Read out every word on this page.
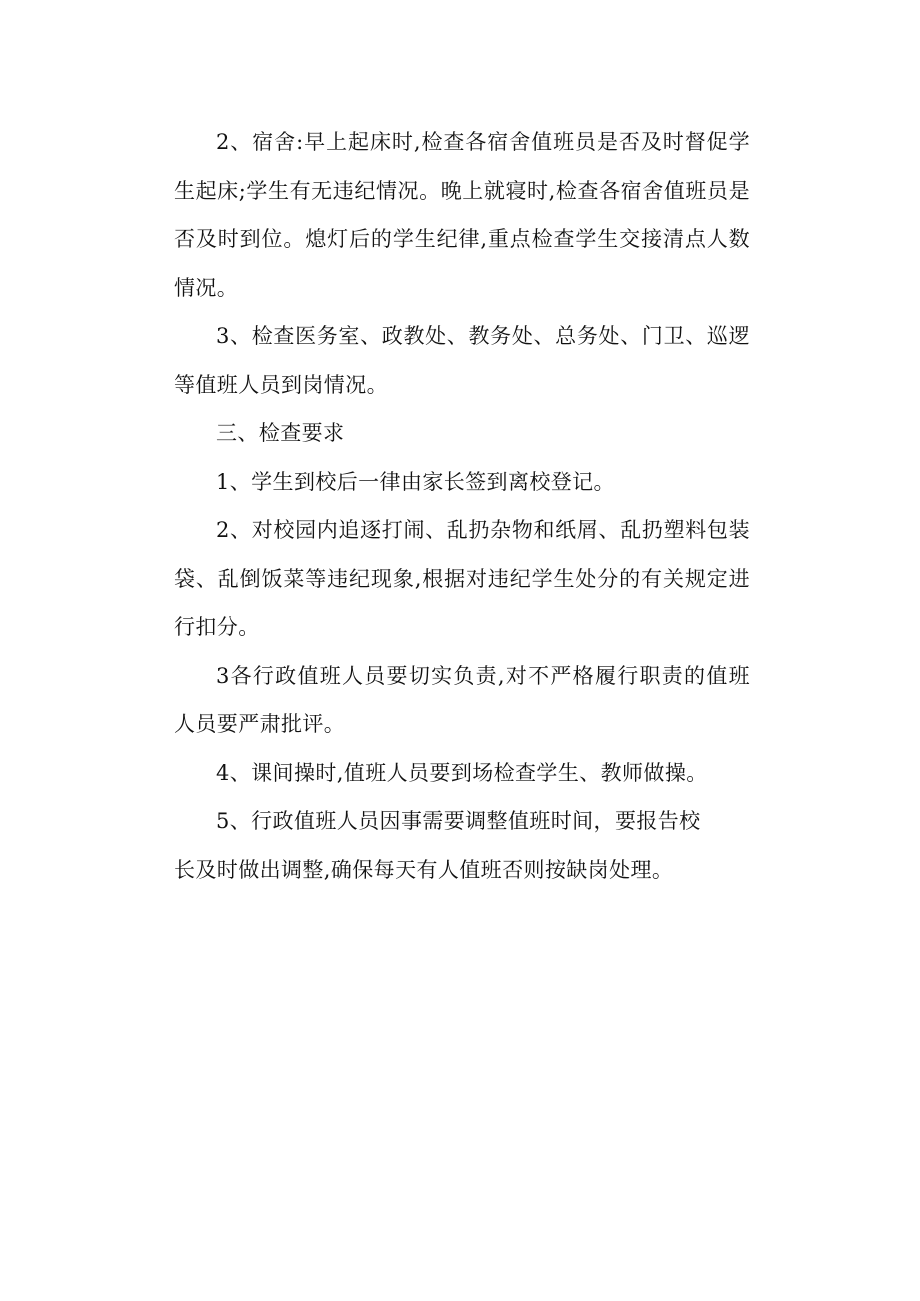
2、宿舍:早上起床时,检查各宿舍值班员是否及时督促学生起床;学生有无违纪情况。晚上就寝时,检查各宿舍值班员是否及时到位。熄灯后的学生纪律,重点检查学生交接清点人数情况。

3、检查医务室、政教处、教务处、总务处、门卫、巡逻等值班人员到岗情况。

三、检查要求

1、学生到校后一律由家长签到离校登记。

2、对校园内追逐打闹、乱扔杂物和纸屑、乱扔塑料包装袋、乱倒饭菜等违纪现象,根据对违纪学生处分的有关规定进行扣分。

3各行政值班人员要切实负责,对不严格履行职责的值班人员要严肃批评。

4、课间操时,值班人员要到场检查学生、教师做操。

5、行政值班人员因事需要调整值班时间，要报告校

长及时做出调整,确保每天有人值班否则按缺岗处理。
